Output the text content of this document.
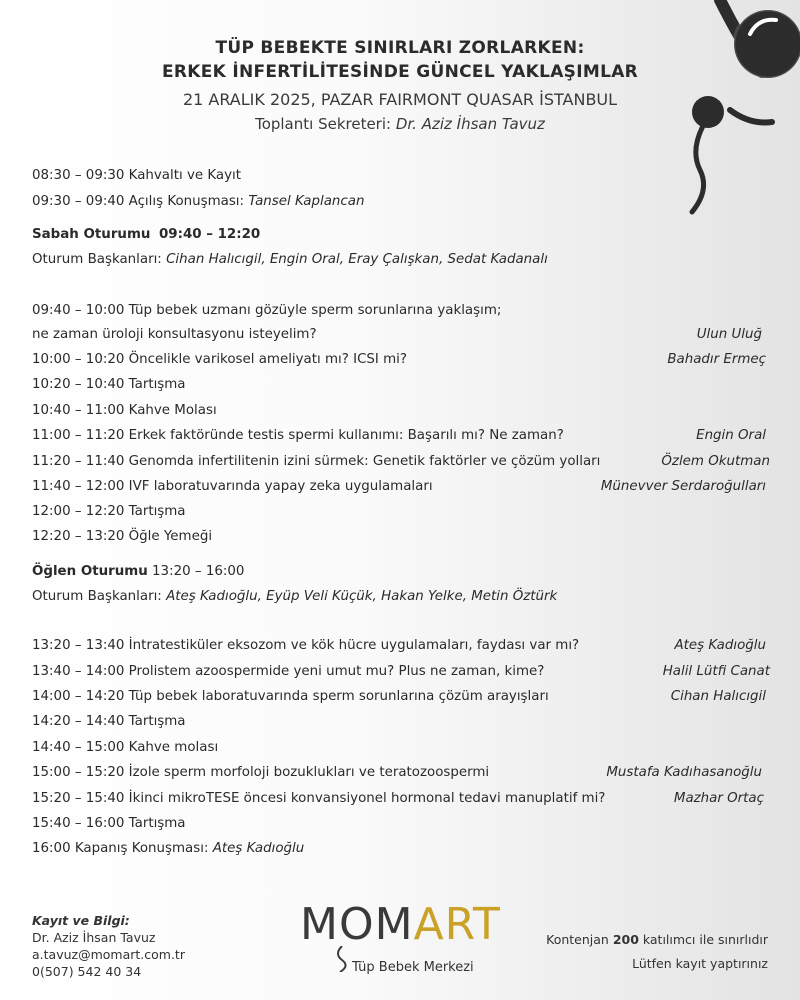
TÜP BEBEKTE SINIRLARI ZORLARKEN:
ERKEK İNFERTİLİTESİNDE GÜNCEL YAKLAŞIMLAR
21 ARALIK 2025, PAZAR FAIRMONT QUASAR İSTANBUL
Toplantı Sekreteri: Dr. Aziz İhsan Tavuz
08:30 – 09:30 Kahvaltı ve Kayıt
09:30 – 09:40 Açılış Konuşması: Tansel Kaplancan
Sabah Oturumu 09:40 – 12:20
Oturum Başkanları: Cihan Halıcıgil, Engin Oral, Eray Çalışkan, Sedat Kadanalı
09:40 – 10:00 Tüp bebek uzmanı gözüyle sperm sorunlarına yaklaşım;
ne zaman üroloji konsultasyonu isteyelim?	Ulun Uluğ
10:00 – 10:20 Öncelikle varikosel ameliyatı mı? ICSI mi?	Bahadır Ermeç
10:20 – 10:40 Tartışma
10:40 – 11:00 Kahve Molası
11:00 – 11:20 Erkek faktöründe testis spermi kullanımı: Başarılı mı? Ne zaman?	Engin Oral
11:20 – 11:40 Genomda infertilitenin izini sürmek: Genetik faktörler ve çözüm yolları	Özlem Okutman
11:40 – 12:00 IVF laboratuvarında yapay zeka uygulamaları	Münevver Serdaroğulları
12:00 – 12:20 Tartışma
12:20 – 13:20 Öğle Yemeği
Öğlen Oturumu 13:20 – 16:00
Oturum Başkanları: Ateş Kadıoğlu, Eyüp Veli Küçük, Hakan Yelke, Metin Öztürk
13:20 – 13:40 İntratestiküler eksozom ve kök hücre uygulamaları, faydası var mı?	Ateş Kadıoğlu
13:40 – 14:00 Prolistem azoospermide yeni umut mu? Plus ne zaman, kime?	Halil Lütfi Canat
14:00 – 14:20 Tüp bebek laboratuvarında sperm sorunlarına çözüm arayışları	Cihan Halıcıgil
14:20 – 14:40 Tartışma
14:40 – 15:00 Kahve molası
15:00 – 15:20 İzole sperm morfoloji bozuklukları ve teratozoospermi	Mustafa Kadıhasanoğlu
15:20 – 15:40 İkinci mikroTESE öncesi konvansiyonel hormonal tedavi manuplatif mi?	Mazhar Ortaç
15:40 – 16:00 Tartışma
16:00 Kapanış Konuşması: Ateş Kadıoğlu
Kayıt ve Bilgi:
Dr. Aziz İhsan Tavuz
a.tavuz@momart.com.tr
0(507) 542 40 34
MOMART
Tüp Bebek Merkezi
Kontenjan 200 katılımcı ile sınırlıdır
Lütfen kayıt yaptırınız
